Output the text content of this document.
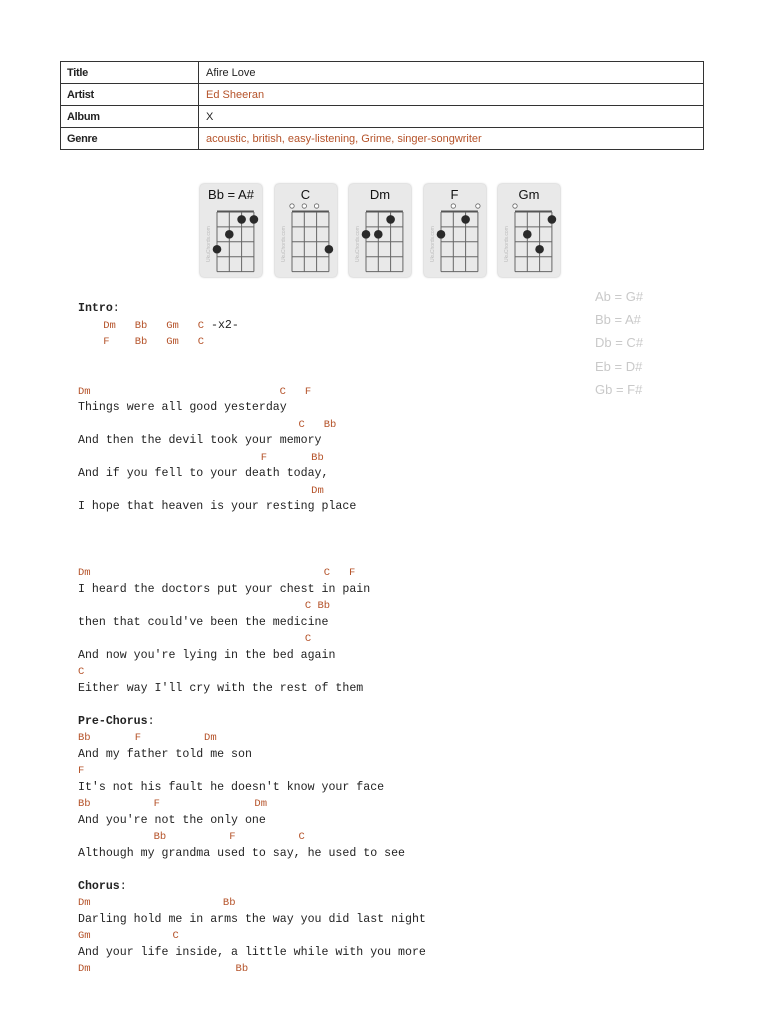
Title	Afire Love
Artist	Ed Sheeran
Album	X
Genre	acoustic, british, easy-listening, Grime, singer-songwriter
Bb = A#
UkuChords.com
C
UkuChords.com
Dm
UkuChords.com
F
UkuChords.com
Gm
UkuChords.com
Ab = G#
Bb = A#
Db = C#
Eb = D#
Gb = F#
Intro:
Dm   Bb   Gm   C -x2-
F    Bb   Gm   C
Dm                              C   F
Things were all good yesterday
C   Bb
And then the devil took your memory
F       Bb
And if you fell to your death today,
Dm
I hope that heaven is your resting place
Dm                                     C   F
I heard the doctors put your chest in pain
C Bb
then that could've been the medicine
C
And now you're lying in the bed again
C
Either way I'll cry with the rest of them
Pre-Chorus:
Bb       F          Dm
And my father told me son
F
It's not his fault he doesn't know your face
Bb          F               Dm
And you're not the only one
Bb          F          C
Although my grandma used to say, he used to see
Chorus:
Dm                     Bb
Darling hold me in arms the way you did last night
Gm             C
And your life inside, a little while with you more
Dm                       Bb
